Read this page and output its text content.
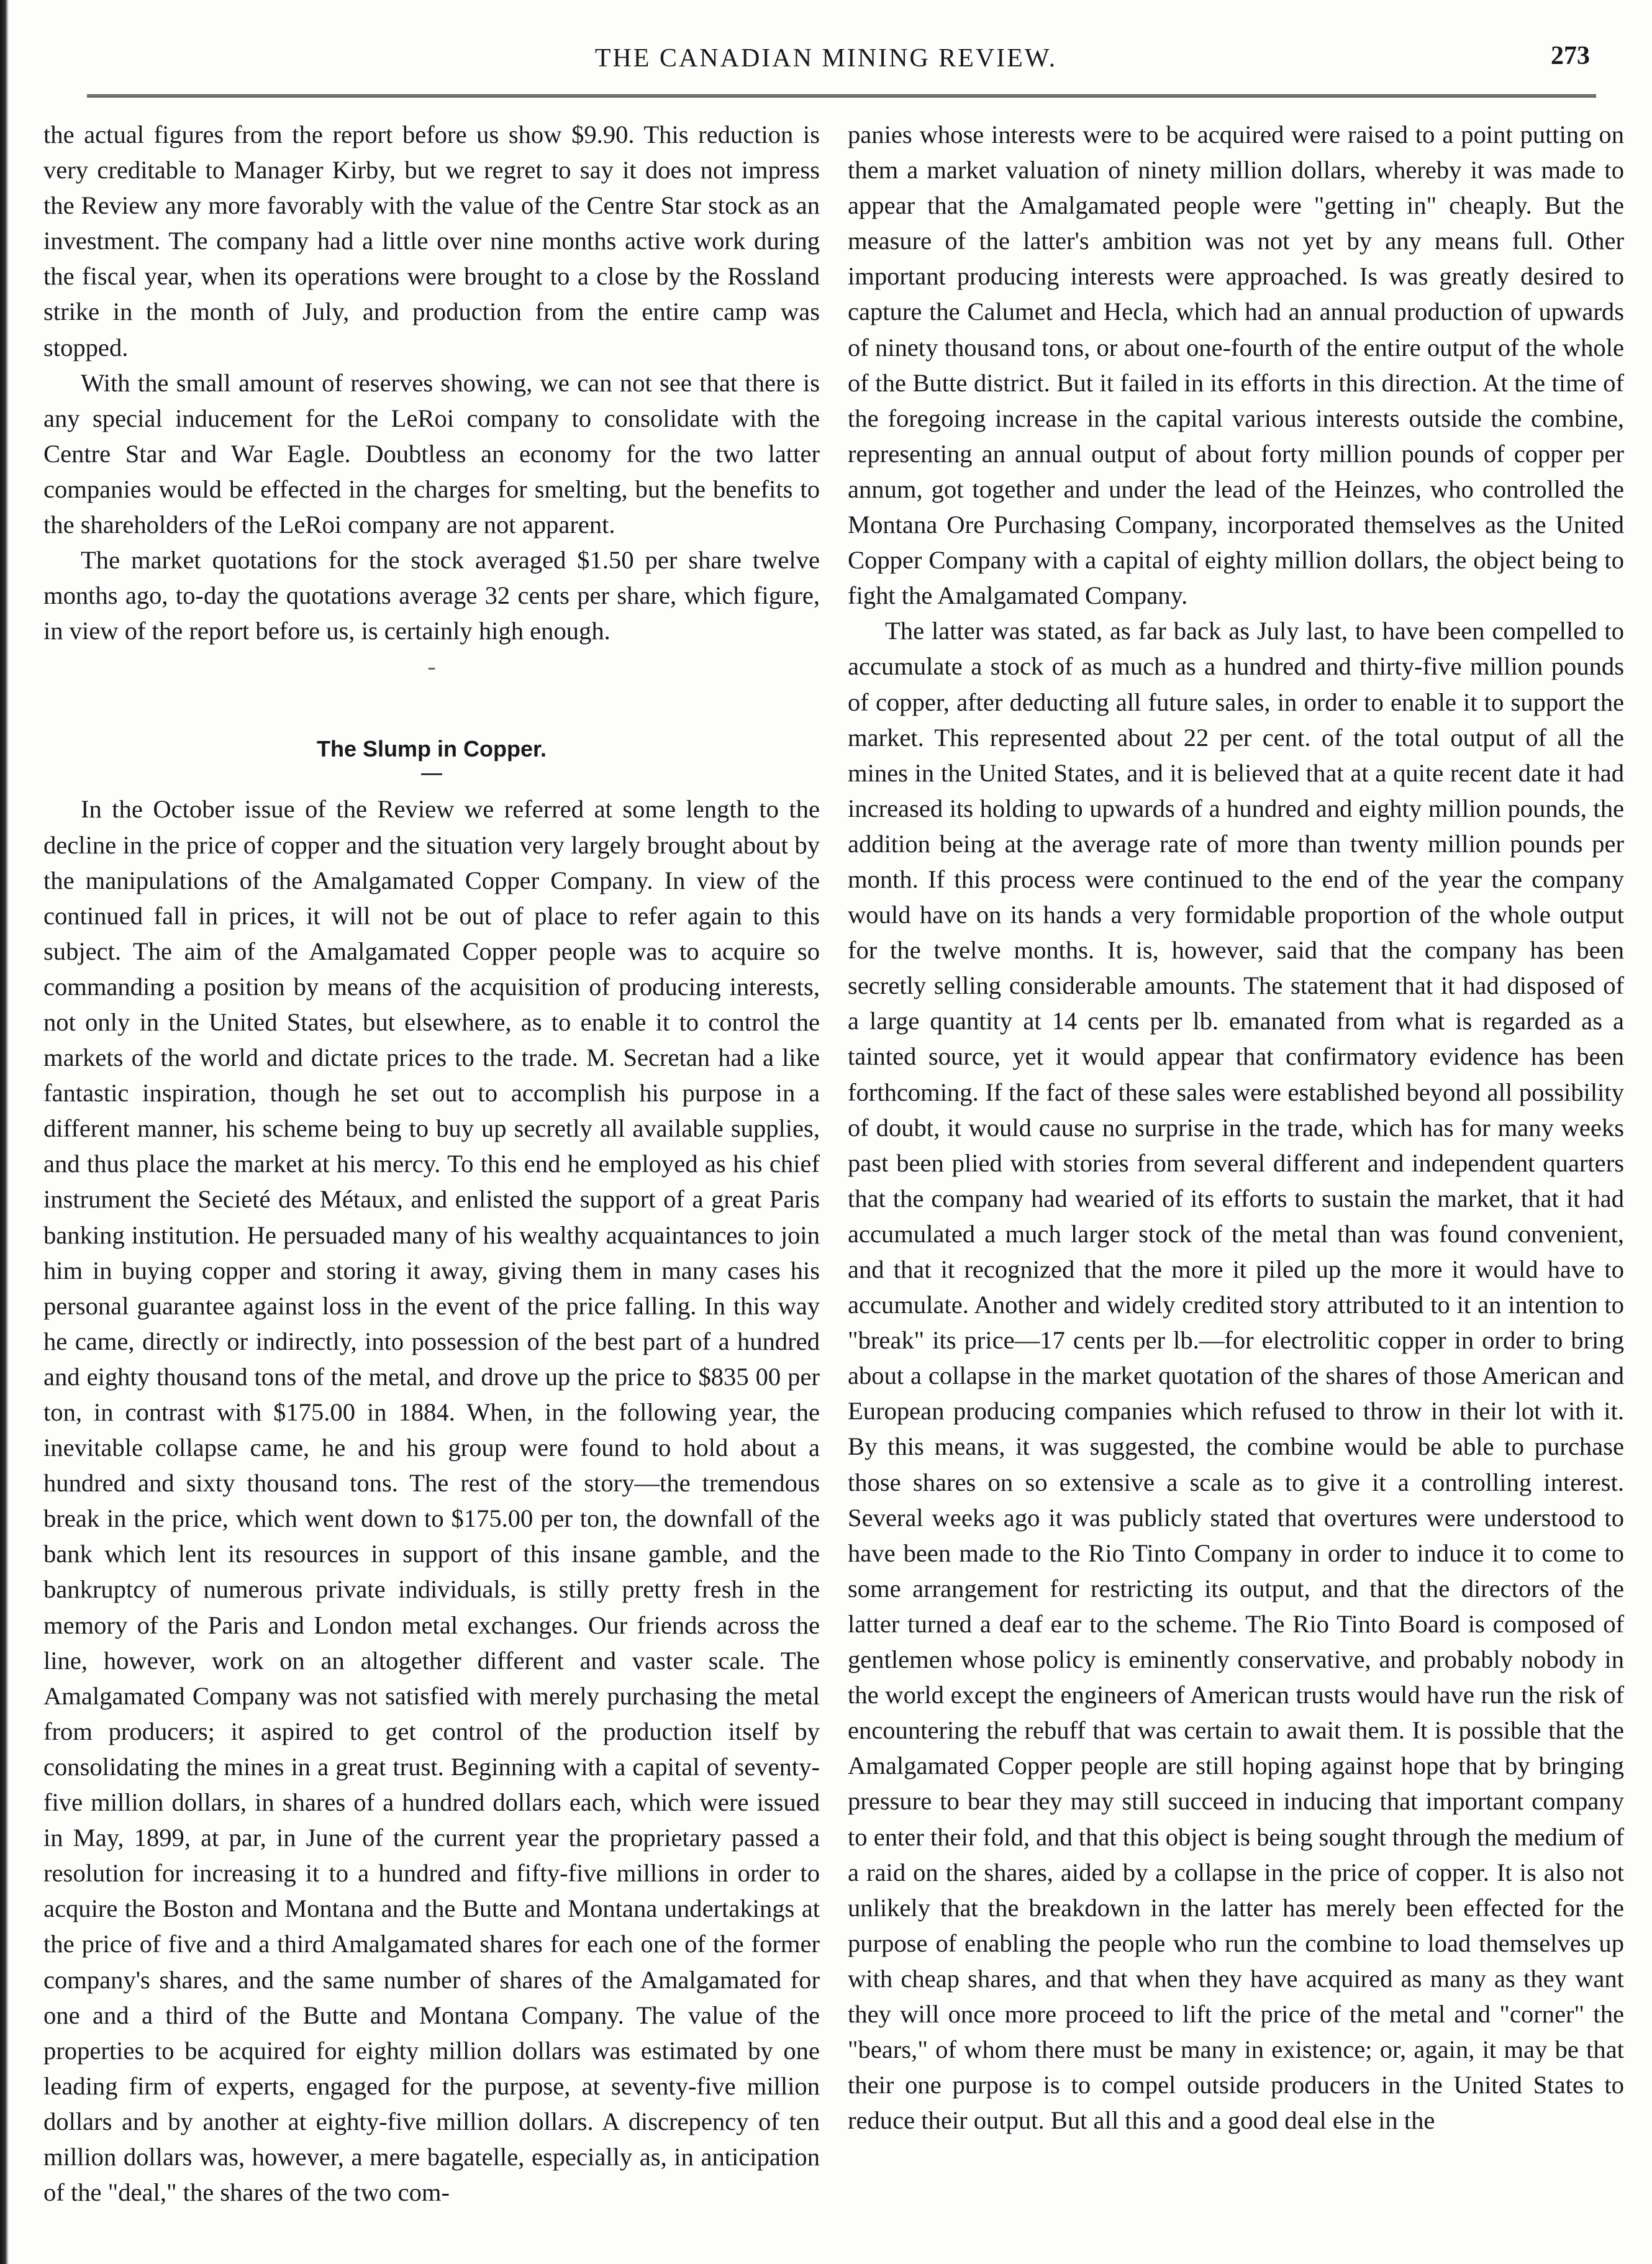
THE CANADIAN MINING REVIEW.	273

the actual figures from the report before us show $9.90. This reduction is very creditable to Manager Kirby, but we regret to say it does not impress the Review any more favorably with the value of the Centre Star stock as an investment. The company had a little over nine months active work during the fiscal year, when its operations were brought to a close by the Rossland strike in the month of July, and production from the entire camp was stopped.

With the small amount of reserves showing, we can not see that there is any special inducement for the LeRoi company to consolidate with the Centre Star and War Eagle. Doubtless an economy for the two latter companies would be effected in the charges for smelting, but the benefits to the shareholders of the LeRoi company are not apparent.

The market quotations for the stock averaged $1.50 per share twelve months ago, to-day the quotations average 32 cents per share, which figure, in view of the report before us, is certainly high enough.

-
The Slump in Copper.

In the October issue of the Review we referred at some length to the decline in the price of copper and the situation very largely brought about by the manipulations of the Amalgamated Copper Company. In view of the continued fall in prices, it will not be out of place to refer again to this subject. The aim of the Amalgamated Copper people was to acquire so commanding a position by means of the acquisition of producing interests, not only in the United States, but elsewhere, as to enable it to control the markets of the world and dictate prices to the trade. M. Secretan had a like fantastic inspiration, though he set out to accomplish his purpose in a different manner, his scheme being to buy up secretly all available supplies, and thus place the market at his mercy. To this end he employed as his chief instrument the Secieté des Métaux, and enlisted the support of a great Paris banking institution. He persuaded many of his wealthy acquaintances to join him in buying copper and storing it away, giving them in many cases his personal guarantee against loss in the event of the price falling. In this way he came, directly or indirectly, into possession of the best part of a hundred and eighty thousand tons of the metal, and drove up the price to $835 00 per ton, in contrast with $175.00 in 1884. When, in the following year, the inevitable collapse came, he and his group were found to hold about a hundred and sixty thousand tons. The rest of the story—the tremendous break in the price, which went down to $175.00 per ton, the downfall of the bank which lent its resources in support of this insane gamble, and the bankruptcy of numerous private individuals, is stilly pretty fresh in the memory of the Paris and London metal exchanges. Our friends across the line, however, work on an altogether different and vaster scale. The Amalgamated Company was not satisfied with merely purchasing the metal from producers; it aspired to get control of the production itself by consolidating the mines in a great trust. Beginning with a capital of seventy-five million dollars, in shares of a hundred dollars each, which were issued in May, 1899, at par, in June of the current year the proprietary passed a resolution for increasing it to a hundred and fifty-five millions in order to acquire the Boston and Montana and the Butte and Montana undertakings at the price of five and a third Amalgamated shares for each one of the former company's shares, and the same number of shares of the Amalgamated for one and a third of the Butte and Montana Company. The value of the properties to be acquired for eighty million dollars was estimated by one leading firm of experts, engaged for the purpose, at seventy-five million dollars and by another at eighty-five million dollars. A discrepency of ten million dollars was, however, a mere bagatelle, especially as, in anticipation of the "deal," the shares of the two com-

panies whose interests were to be acquired were raised to a point putting on them a market valuation of ninety million dollars, whereby it was made to appear that the Amalgamated people were "getting in" cheaply. But the measure of the latter's ambition was not yet by any means full. Other important producing interests were approached. Is was greatly desired to capture the Calumet and Hecla, which had an annual production of upwards of ninety thousand tons, or about one-fourth of the entire output of the whole of the Butte district. But it failed in its efforts in this direction. At the time of the foregoing increase in the capital various interests outside the combine, representing an annual output of about forty million pounds of copper per annum, got together and under the lead of the Heinzes, who controlled the Montana Ore Purchasing Company, incorporated themselves as the United Copper Company with a capital of eighty million dollars, the object being to fight the Amalgamated Company.

The latter was stated, as far back as July last, to have been compelled to accumulate a stock of as much as a hundred and thirty-five million pounds of copper, after deducting all future sales, in order to enable it to support the market. This represented about 22 per cent. of the total output of all the mines in the United States, and it is believed that at a quite recent date it had increased its holding to upwards of a hundred and eighty million pounds, the addition being at the average rate of more than twenty million pounds per month. If this process were continued to the end of the year the company would have on its hands a very formidable proportion of the whole output for the twelve months. It is, however, said that the company has been secretly selling considerable amounts. The statement that it had disposed of a large quantity at 14 cents per lb. emanated from what is regarded as a tainted source, yet it would appear that confirmatory evidence has been forthcoming. If the fact of these sales were established beyond all possibility of doubt, it would cause no surprise in the trade, which has for many weeks past been plied with stories from several different and independent quarters that the company had wearied of its efforts to sustain the market, that it had accumulated a much larger stock of the metal than was found convenient, and that it recognized that the more it piled up the more it would have to accumulate. Another and widely credited story attributed to it an intention to "break" its price—17 cents per lb.—for electrolitic copper in order to bring about a collapse in the market quotation of the shares of those American and European producing companies which refused to throw in their lot with it. By this means, it was suggested, the combine would be able to purchase those shares on so extensive a scale as to give it a controlling interest. Several weeks ago it was publicly stated that overtures were understood to have been made to the Rio Tinto Company in order to induce it to come to some arrangement for restricting its output, and that the directors of the latter turned a deaf ear to the scheme. The Rio Tinto Board is composed of gentlemen whose policy is eminently conservative, and probably nobody in the world except the engineers of American trusts would have run the risk of encountering the rebuff that was certain to await them. It is possible that the Amalgamated Copper people are still hoping against hope that by bringing pressure to bear they may still succeed in inducing that important company to enter their fold, and that this object is being sought through the medium of a raid on the shares, aided by a collapse in the price of copper. It is also not unlikely that the breakdown in the latter has merely been effected for the purpose of enabling the people who run the combine to load themselves up with cheap shares, and that when they have acquired as many as they want they will once more proceed to lift the price of the metal and "corner" the "bears," of whom there must be many in existence; or, again, it may be that their one purpose is to compel outside producers in the United States to reduce their output. But all this and a good deal else in the
